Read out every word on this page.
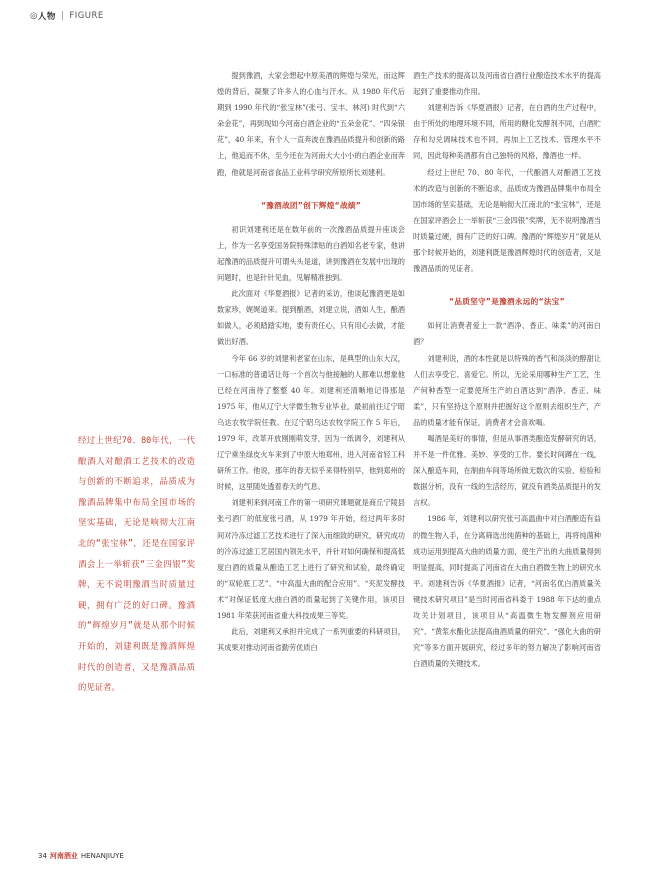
◎ 人物 | FIGURE
经过上世纪70、80年代，一代酿酒人对酿酒工艺技术的改造与创新的不断追求，品质成为豫酒品牌集中布局全国市场的坚实基础，无论是响彻大江南北的“张宝林”，还是在国家评酒会上一举斩获“三金四银”奖牌，无不说明豫酒当时质量过硬，拥有广泛的好口碑。豫酒的“辉煌岁月”就是从那个时候开始的，刘建利既是豫酒辉煌时代的创造者，又是豫酒品质的见证者。

提到豫酒，大家会想起中原美酒的辉煌与荣光，而这辉煌的背后，凝聚了许多人的心血与汗水。从 1980 年代后期到 1990 年代的“张宝林”(张弓、宝丰、林河) 时代到“六朵金花”，再到现如今河南白酒企业的“五朵金花”、“四朵银花”，40 年来，有个人一直奔波在豫酒品质提升和创新的路上，他追而不休，至今还在为河南大大小小的白酒企业而奔跑，他就是河南省食品工业科学研究所原所长刘建利。

“豫酒战团”创下辉煌“战绩”

初识刘建利还是在数年前的一次豫酒品质提升座谈会上，作为一名享受国务院特殊津贴的白酒知名老专家，他讲起豫酒的品质提升可谓头头是道，讲到豫酒在发展中出现的问题时，也是针针见血，见解精准独到。

此次面对《华夏酒报》记者的采访，他谈起豫酒更是如数家珍，娓娓道来。提到酿酒，刘建立说，酒如人生，酿酒如做人，必须踏踏实地，要有责任心，只有用心去做，才能做出好酒。

今年 66 岁的刘建利老家在山东，是典型的山东大汉，一口标准的普通话让每一个首次与他接触的人都难以想象他已经在河南待了整整 40 年。刘建利还清晰地记得那是 1975 年，他从辽宁大学微生物专业毕业，最初前往辽宁昭乌达农牧学院任教。在辽宁昭乌达农牧学院工作 5 年后，1979 年，改革开放刚刚萌发芽，因为一纸调令，刘建利从辽宁乘坐绿皮火车来到了中原大地郑州，进入河南省轻工科研所工作。他说，那年的春天似乎来得特别早，他到郑州的时候，这里随处透着春天的气息。

刘建利来到河南工作的第一项研究课题就是商丘宁陵县张弓酒厂的低度张弓酒，从 1979 年开始，经过两年多时间对冷冻过滤工艺技术进行了深入而细致的研究，研究成功的冷冻过滤工艺居国内领先水平，并针对如何确保和提高低度白酒的质量从酿造工艺上进行了研究和试验，最终确定的“双轮底工艺”、“中高温大曲的配合应用”、“夹泥发酵技术”对保证低度大曲白酒的质量起到了关键作用，该项目 1981 年荣获河南省重大科技成果三等奖。

此后，刘建利又承担并完成了一系列重要的科研项目，其成果对推动河南省勤劳优质白

酒生产技术的提高以及河南省白酒行业酿造技术水平的提高起到了重要推动作用。

刘建利告诉《华夏酒报》记者，在白酒的生产过程中，由于所处的地理环境不同，所用的糖化发酵剂不同，白酒贮存和勾兑调味技术也不同，再加上工艺技术、管理水平不同，因此每种美酒都有自己独特的风格，豫酒也一样。

经过上世纪 70、80 年代，一代酿酒人对酿酒工艺技术的改造与创新的不断追求，品质成为豫酒品牌集中布局全国市场的坚实基础，无论是响彻大江南北的“张宝林”，还是在国家评酒会上一举斩获“三金四银”奖牌，无不说明豫酒当时质量过硬，拥有广泛的好口碑。豫酒的“辉煌岁月”就是从那个时候开始的，刘建利既是豫酒辉煌时代的创造者，又是豫酒品质的见证者。

“品质坚守”是豫酒永远的“法宝”

如何让消费者爱上一款“酒净、香正、味柔”的河南白酒？

刘建利说，酒的本性就是以特殊的香气和淡淡的醇甜让人们去享受它、喜爱它。所以，无论采用哪种生产工艺，生产何种香型一定要使所生产的白酒达到“酒净、香正、味柔”，只有坚持这个原则并把握好这个原则去组织生产，产品的质量才能有保证，消费者才会喜欢喝。

喝酒是美好的事情，但是从事酒类酿造发酵研究的话，并不是一件优雅、美妙、享受的工作。要长时间蹲在一线，深入酿造车间，在制曲车间等场所做无数次的实验、检验和数据分析，没有一线的生活经历，就没有酒类品质提升的发言权。

1986 年，刘建利以研究张弓高温曲中对白酒酿造有益的微生物入手，在分离筛选出纯菌种的基础上，再将纯菌种成功运用到提高大曲的质量方面，使生产出的大曲质量得到明显提高，同时提高了河南省在大曲白酒微生物上的研究水平。刘建利告诉《华夏酒报》记者，“河南名优白酒质量关键技术研究项目”是当时河南省科委于 1988 年下达的重点攻关计划项目，该项目从“高温微生物发酵剂应用研究”、“黄浆水酯化法提高曲酒质量的研究”、“强化大曲的研究”等多方面开展研究，经过多年的努力解决了影响河南省白酒质量的关键技术。

34 河南酒业 HENANJIUYE
